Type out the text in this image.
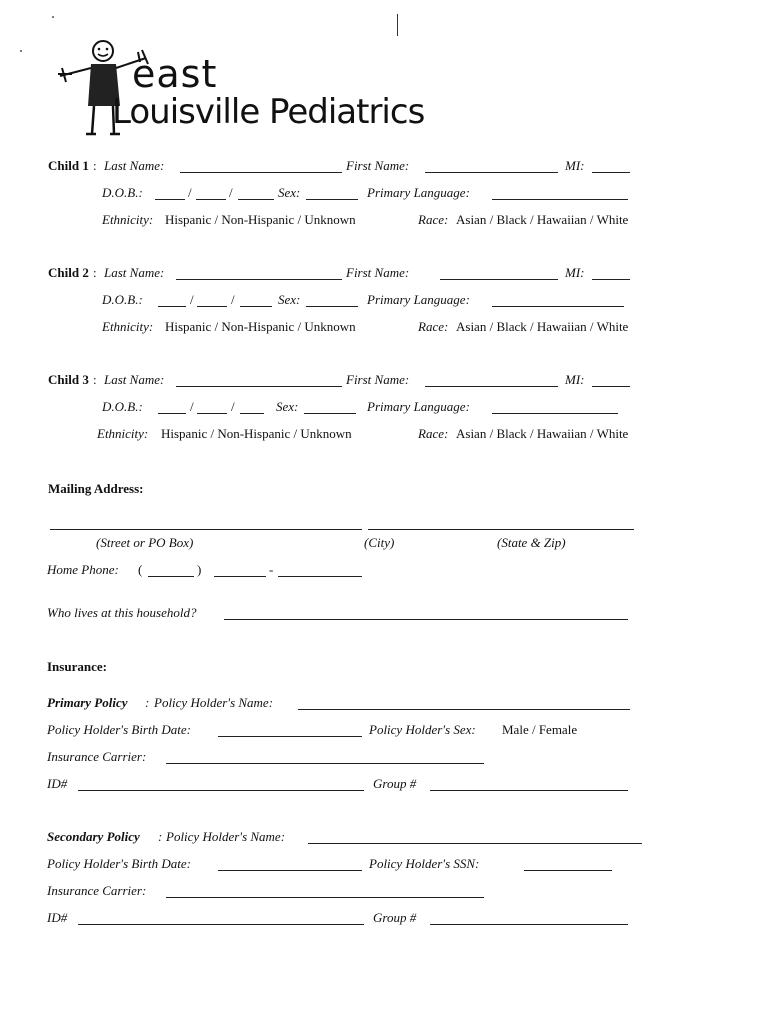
east
Louisville Pediatrics
Child 1 : Last Name:	First Name:	MI:
D.O.B.:	/	/	Sex:	Primary Language:
Ethnicity: Hispanic / Non-Hispanic / Unknown	Race: Asian / Black / Hawaiian / White
Child 2 : Last Name:	First Name:	MI:
D.O.B.:	/	/	Sex:	Primary Language:
Ethnicity: Hispanic / Non-Hispanic / Unknown	Race: Asian / Black / Hawaiian / White
Child 3 : Last Name:	First Name:	MI:
D.O.B.:	/	/	Sex:	Primary Language:
Ethnicity: Hispanic / Non-Hispanic / Unknown	Race: Asian / Black / Hawaiian / White
Mailing Address:
(Street or PO Box)	(City)	(State & Zip)
Home Phone: (	)	-
Who lives at this household?
Insurance:
Primary Policy : Policy Holder's Name:
Policy Holder's Birth Date:	Policy Holder's Sex: Male / Female
Insurance Carrier:
ID#	Group #
Secondary Policy : Policy Holder's Name:
Policy Holder's Birth Date:	Policy Holder's SSN:
Insurance Carrier:
ID#	Group #
